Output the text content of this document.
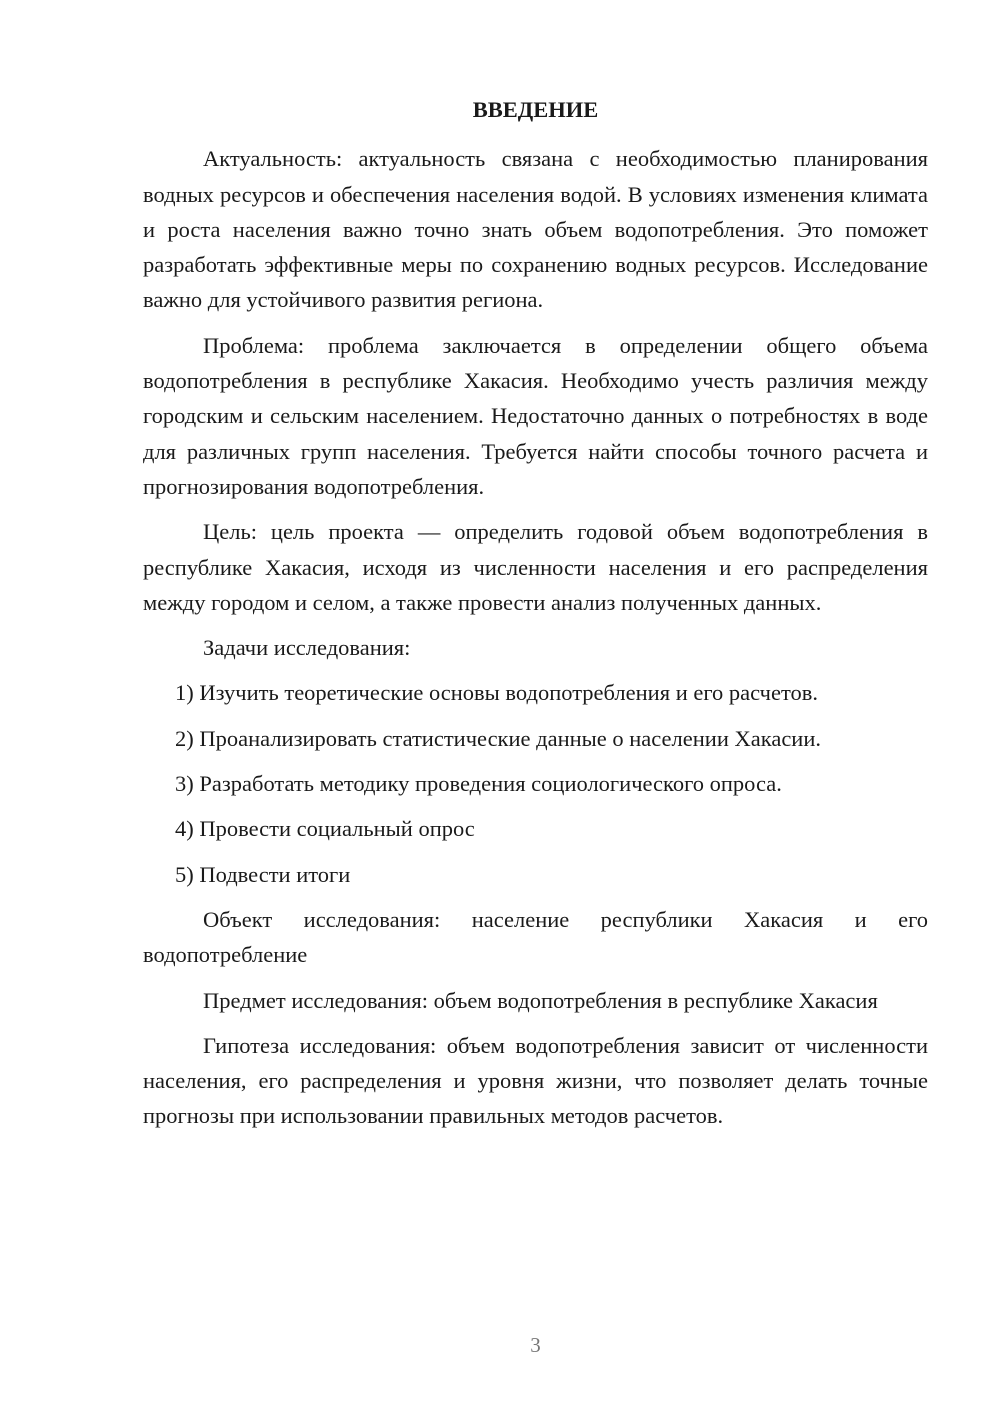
ВВЕДЕНИЕ

Актуальность: актуальность связана с необходимостью планирования водных ресурсов и обеспечения населения водой. В условиях изменения климата и роста населения важно точно знать объем водопотребления. Это поможет разработать эффективные меры по сохранению водных ресурсов. Исследование важно для устойчивого развития региона.

Проблема: проблема заключается в определении общего объема водопотребления в республике Хакасия. Необходимо учесть различия между городским и сельским населением. Недостаточно данных о потребностях в воде для различных групп населения. Требуется найти способы точного расчета и прогнозирования водопотребления.

Цель: цель проекта — определить годовой объем водопотребления в республике Хакасия, исходя из численности населения и его распределения между городом и селом, а также провести анализ полученных данных.

Задачи исследования:

1) Изучить теоретические основы водопотребления и его расчетов.

2) Проанализировать статистические данные о населении Хакасии.

3) Разработать методику проведения социологического опроса.

4) Провести социальный опрос

5) Подвести итоги

Объект исследования: население республики Хакасия и его водопотребление

Предмет исследования: объем водопотребления в республике Хакасия

Гипотеза исследования: объем водопотребления зависит от численности населения, его распределения и уровня жизни, что позволяет делать точные прогнозы при использовании правильных методов расчетов.

3
